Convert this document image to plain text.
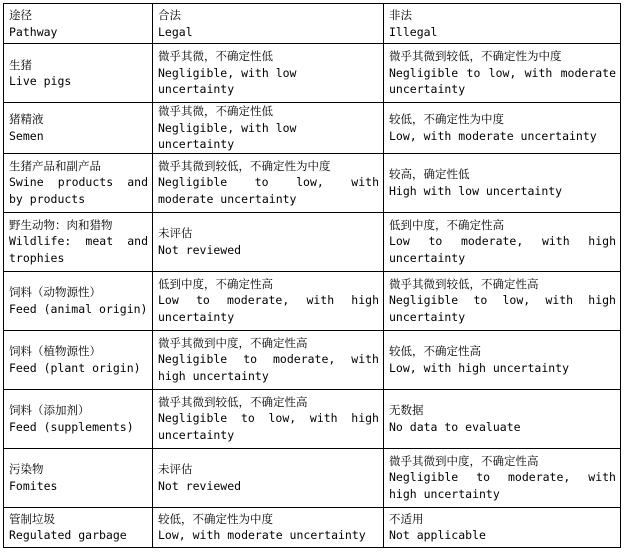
途径
Pathway	合法
Legal	非法
Illegal

生猪
Live pigs	微乎其微，不确定性低
Negligible, with low uncertainty	微乎其微到较低，不确定性为中度
Negligible to low, with moderate uncertainty

猪精液
Semen	微乎其微，不确定性低
Negligible, with low uncertainty	较低，不确定性为中度
Low, with moderate uncertainty

生猪产品和副产品
Swine products and by products	微乎其微到较低，不确定性为中度
Negligible to low, with moderate uncertainty	较高，确定性低
High with low uncertainty

野生动物：肉和猎物
Wildlife: meat and trophies	未评估
Not reviewed	低到中度，不确定性高
Low to moderate, with high uncertainty

饲料（动物源性）
Feed (animal origin)	低到中度，不确定性高
Low to moderate, with high uncertainty	微乎其微到较低，不确定性高
Negligible to low, with high uncertainty

饲料（植物源性）
Feed (plant origin)	微乎其微到中度，不确定性高
Negligible to moderate, with high uncertainty	较低，不确定性高
Low, with high uncertainty

饲料（添加剂）
Feed (supplements)	微乎其微到较低，不确定性高
Negligible to low, with high uncertainty	无数据
No data to evaluate

污染物
Fomites	未评估
Not reviewed	微乎其微到中度，不确定性高
Negligible to moderate, with high uncertainty

管制垃圾
Regulated garbage	较低，不确定性为中度
Low, with moderate uncertainty	不适用
Not applicable
